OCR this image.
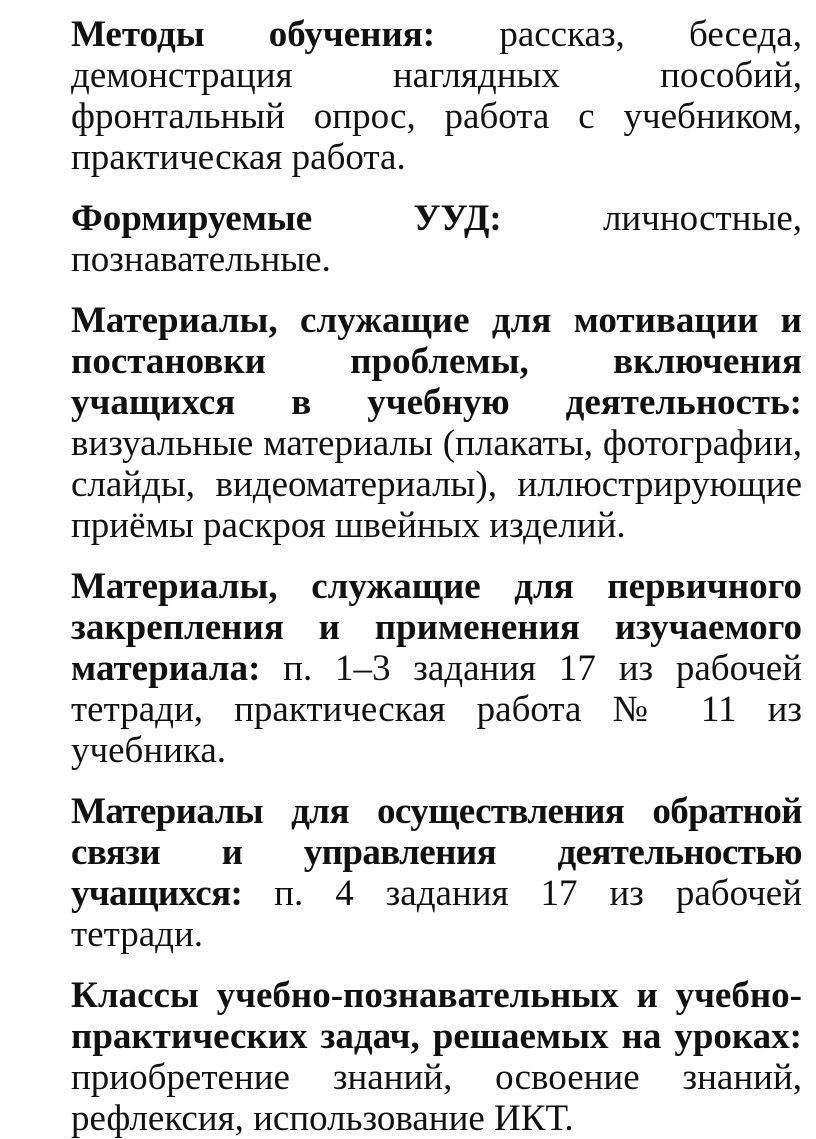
Методы обучения: рассказ, беседа, демонстрация наглядных пособий, фронтальный опрос, работа с учебником, практическая работа.

Формируемые УУД: личностные, познавательные.

Материалы, служащие для мотивации и постановки проблемы, включения учащихся в учебную деятельность: визуальные материалы (плакаты, фотографии, слайды, видеоматериалы), иллюстрирующие приёмы раскроя швейных изделий.

Материалы, служащие для первичного закрепления и применения изучаемого материала: п. 1–3 задания 17 из рабочей тетради, практическая работа № 11 из учебника.

Материалы для осуществления обратной связи и управления деятельностью учащихся: п. 4 задания 17 из рабочей тетради.

Классы учебно-познавательных и учебно-практических задач, решаемых на уроках: приобретение знаний, освоение знаний, рефлексия, использование ИКТ.
